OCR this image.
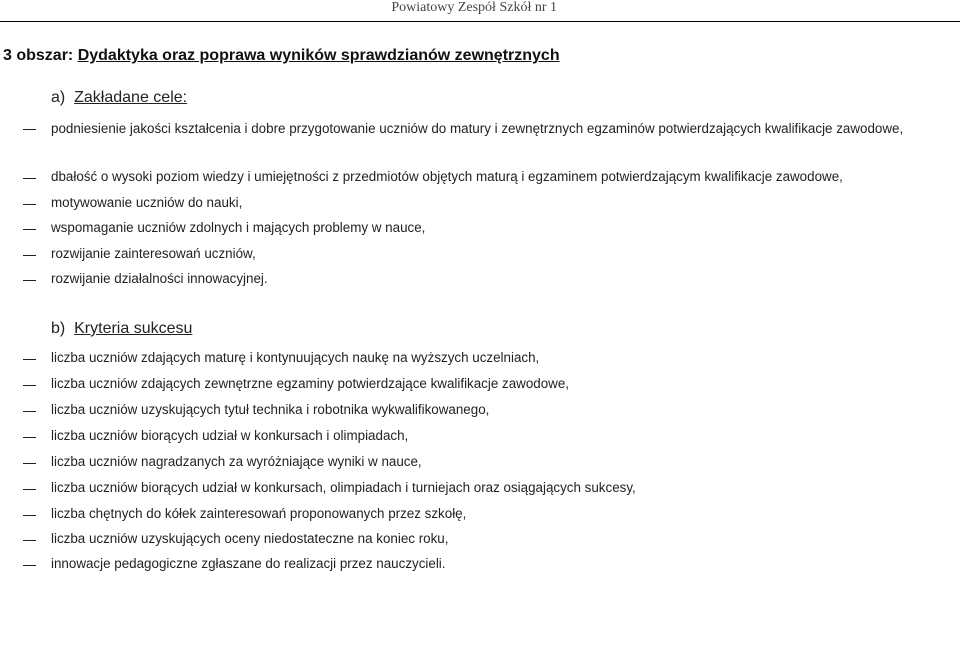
Powiatowy Zespół Szkół nr 1
3 obszar: Dydaktyka oraz poprawa wyników sprawdzianów zewnętrznych
a) Zakładane cele:
podniesienie jakości kształcenia i dobre przygotowanie uczniów do matury i zewnętrznych egzaminów potwierdzających kwalifikacje zawodowe,
dbałość o wysoki poziom wiedzy i umiejętności z przedmiotów objętych maturą i egzaminem potwierdzającym kwalifikacje zawodowe,
motywowanie uczniów do nauki,
wspomaganie uczniów zdolnych i mających problemy w nauce,
rozwijanie zainteresowań uczniów,
rozwijanie działalności innowacyjnej.
b) Kryteria sukcesu
liczba uczniów zdających maturę i kontynuujących naukę na wyższych uczelniach,
liczba uczniów zdających zewnętrzne egzaminy potwierdzające kwalifikacje zawodowe,
liczba uczniów uzyskujących tytuł technika i robotnika wykwalifikowanego,
liczba uczniów biorących udział w konkursach i olimpiadach,
liczba uczniów nagradzanych za wyróżniające wyniki w nauce,
liczba uczniów biorących udział w konkursach, olimpiadach i turniejach oraz osiągających sukcesy,
liczba chętnych do kółek zainteresowań proponowanych przez szkołę,
liczba uczniów uzyskujących oceny niedostateczne na koniec roku,
innowacje pedagogiczne zgłaszane do realizacji przez nauczycieli.
